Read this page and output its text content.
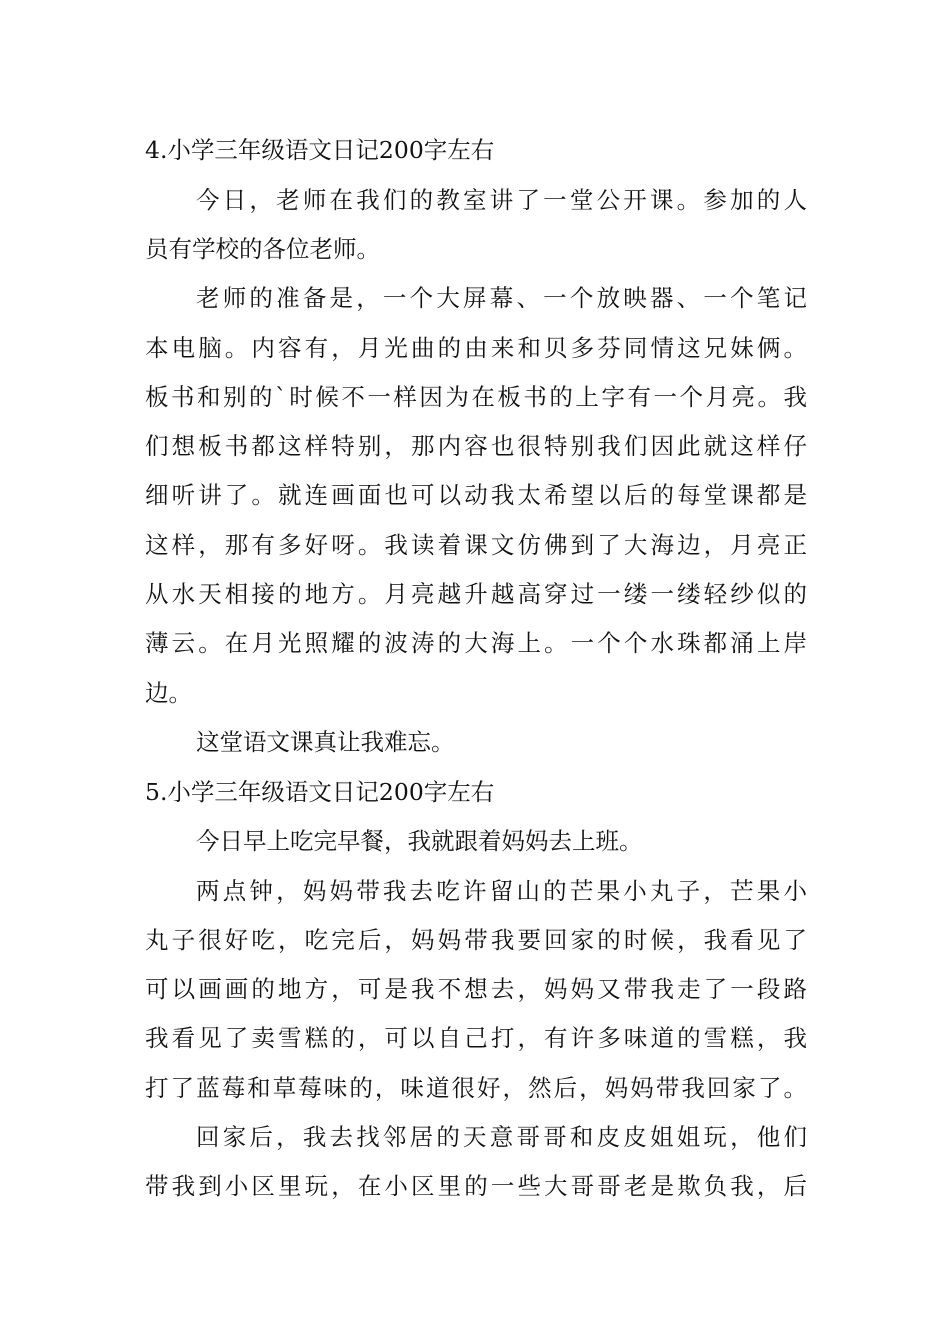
4.小学三年级语文日记200字左右
今日，老师在我们的教室讲了一堂公开课。参加的人
员有学校的各位老师。
老师的准备是，一个大屏幕、一个放映器、一个笔记
本电脑。内容有，月光曲的由来和贝多芬同情这兄妹俩。
板书和别的`时候不一样因为在板书的上字有一个月亮。我
们想板书都这样特别，那内容也很特别我们因此就这样仔
细听讲了。就连画面也可以动我太希望以后的每堂课都是
这样，那有多好呀。我读着课文仿佛到了大海边，月亮正
从水天相接的地方。月亮越升越高穿过一缕一缕轻纱似的
薄云。在月光照耀的波涛的大海上。一个个水珠都涌上岸
边。
这堂语文课真让我难忘。
5.小学三年级语文日记200字左右
今日早上吃完早餐，我就跟着妈妈去上班。
两点钟，妈妈带我去吃许留山的芒果小丸子，芒果小
丸子很好吃，吃完后，妈妈带我要回家的时候，我看见了
可以画画的地方，可是我不想去，妈妈又带我走了一段路
我看见了卖雪糕的，可以自己打，有许多味道的雪糕，我
打了蓝莓和草莓味的，味道很好，然后，妈妈带我回家了。
回家后，我去找邻居的天意哥哥和皮皮姐姐玩，他们
带我到小区里玩，在小区里的一些大哥哥老是欺负我，后
